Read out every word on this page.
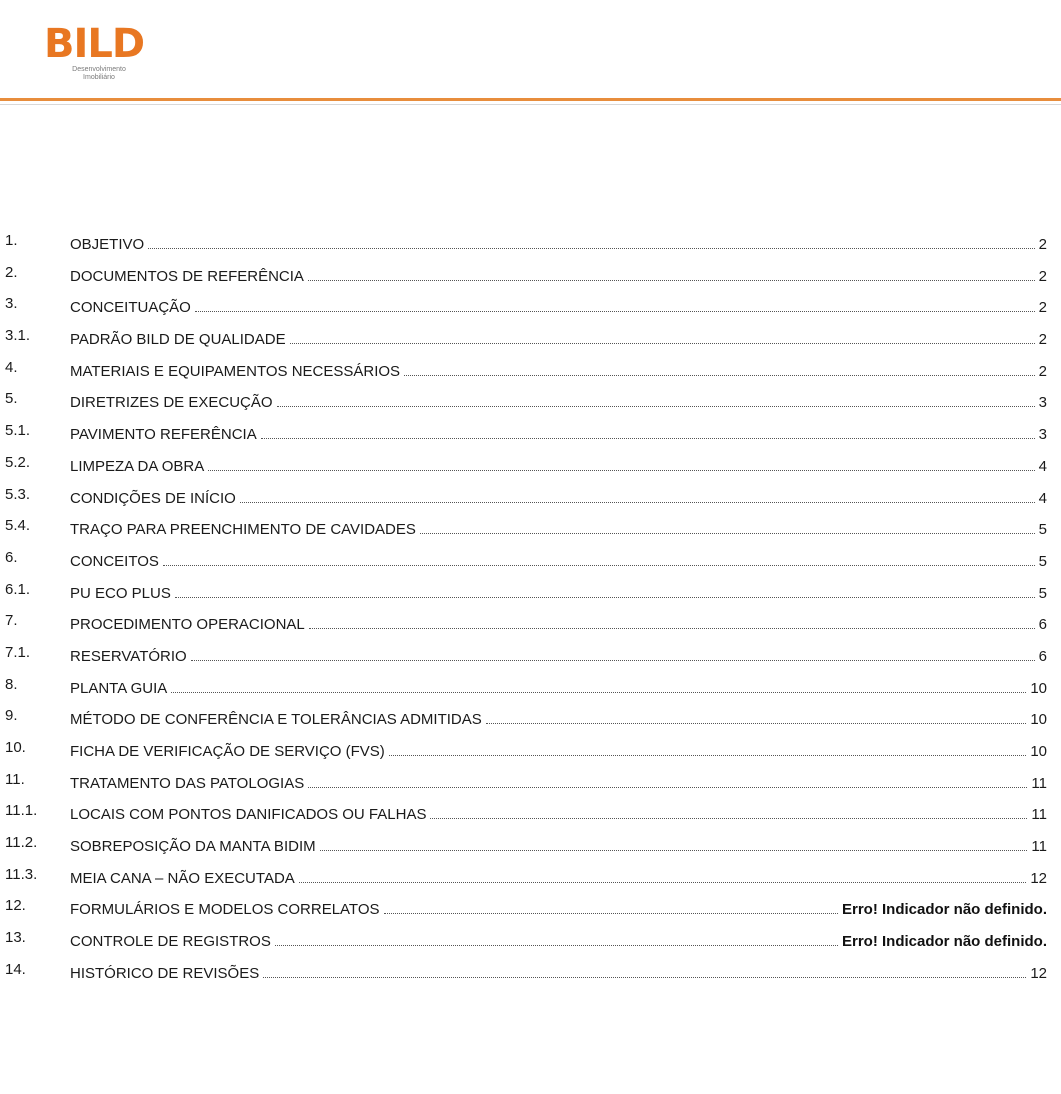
BILD
Desenvolvimento
Imobiliário
1.	OBJETIVO	2
2.	DOCUMENTOS DE REFERÊNCIA	2
3.	CONCEITUAÇÃO	2
3.1.	PADRÃO BILD DE QUALIDADE	2
4.	MATERIAIS E EQUIPAMENTOS NECESSÁRIOS	2
5.	DIRETRIZES DE EXECUÇÃO	3
5.1.	PAVIMENTO REFERÊNCIA	3
5.2.	LIMPEZA DA OBRA	4
5.3.	CONDIÇÕES DE INÍCIO	4
5.4.	TRAÇO PARA PREENCHIMENTO DE CAVIDADES	5
6.	CONCEITOS	5
6.1.	PU ECO PLUS	5
7.	PROCEDIMENTO OPERACIONAL	6
7.1.	RESERVATÓRIO	6
8.	PLANTA GUIA	10
9.	MÉTODO DE CONFERÊNCIA E TOLERÂNCIAS ADMITIDAS	10
10.	FICHA DE VERIFICAÇÃO DE SERVIÇO (FVS)	10
11.	TRATAMENTO DAS PATOLOGIAS	11
11.1. LOCAIS COM PONTOS DANIFICADOS OU FALHAS	11
11.2. SOBREPOSIÇÃO DA MANTA BIDIM	11
11.3. MEIA CANA – NÃO EXECUTADA	12
12.	FORMULÁRIOS E MODELOS CORRELATOS	Erro! Indicador não definido.
13.	CONTROLE DE REGISTROS	Erro! Indicador não definido.
14.	HISTÓRICO DE REVISÕES	12
